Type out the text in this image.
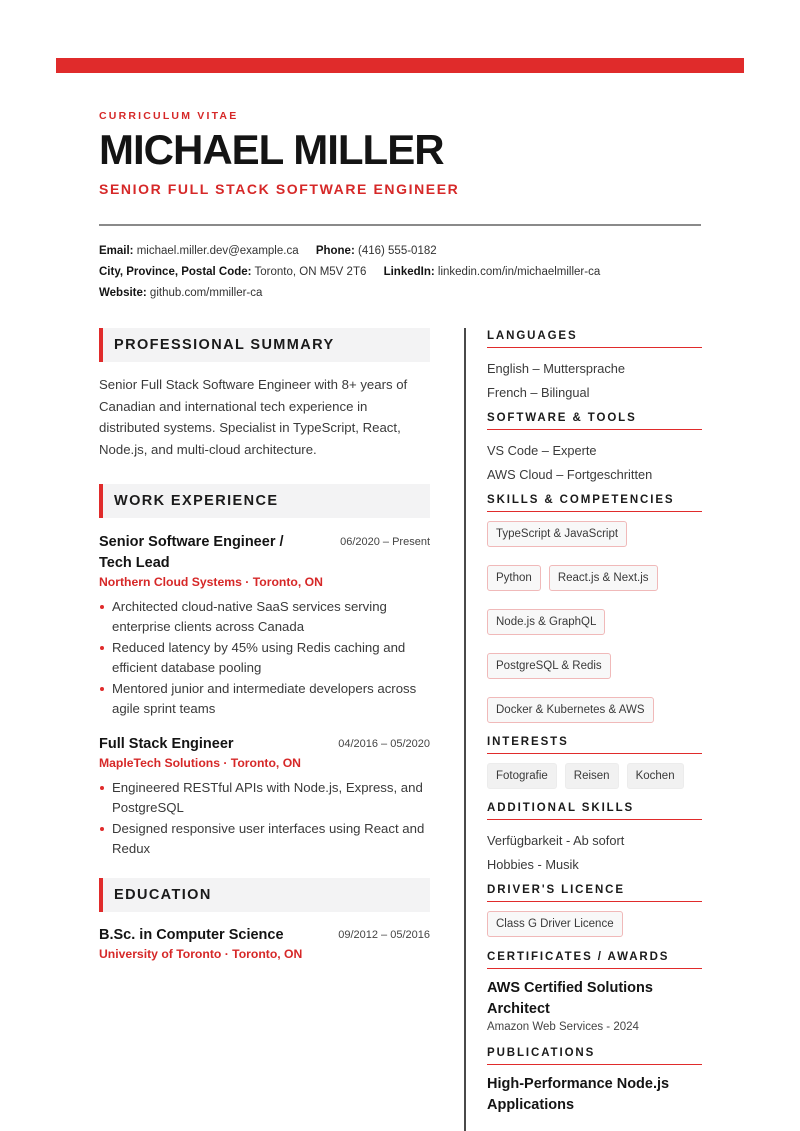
CURRICULUM VITAE
MICHAEL MILLER
SENIOR FULL STACK SOFTWARE ENGINEER
Email: michael.miller.dev@example.ca Phone: (416) 555-0182
City, Province, Postal Code: Toronto, ON M5V 2T6 LinkedIn: linkedin.com/in/michaelmiller-ca
Website: github.com/mmiller-ca
PROFESSIONAL SUMMARY

Senior Full Stack Software Engineer with 8+ years of Canadian and international tech experience in distributed systems. Specialist in TypeScript, React, Node.js, and multi-cloud architecture.

WORK EXPERIENCE
Senior Software Engineer / Tech Lead
06/2020 – Present
Northern Cloud Systems · Toronto, ON
Architected cloud-native SaaS services serving enterprise clients across Canada
Reduced latency by 45% using Redis caching and efficient database pooling
Mentored junior and intermediate developers across agile sprint teams
Full Stack Engineer	04/2016 – 05/2020
MapleTech Solutions · Toronto, ON
Engineered RESTful APIs with Node.js, Express, and PostgreSQL
Designed responsive user interfaces using React and Redux
EDUCATION
B.Sc. in Computer Science	09/2012 – 05/2016
University of Toronto · Toronto, ON
LANGUAGES
English – Muttersprache
French – Bilingual
SOFTWARE & TOOLS
VS Code – Experte
AWS Cloud – Fortgeschritten
SKILLS & COMPETENCIES
TypeScript & JavaScript
Python	React.js & Next.js
Node.js & GraphQL
PostgreSQL & Redis
Docker & Kubernetes & AWS
INTERESTS
Fotografie	Reisen	Kochen
ADDITIONAL SKILLS
Verfügbarkeit - Ab sofort
Hobbies - Musik
DRIVER'S LICENCE
Class G Driver Licence
CERTIFICATES / AWARDS
AWS Certified Solutions Architect
Amazon Web Services - 2024
PUBLICATIONS
High-Performance Node.js Applications
